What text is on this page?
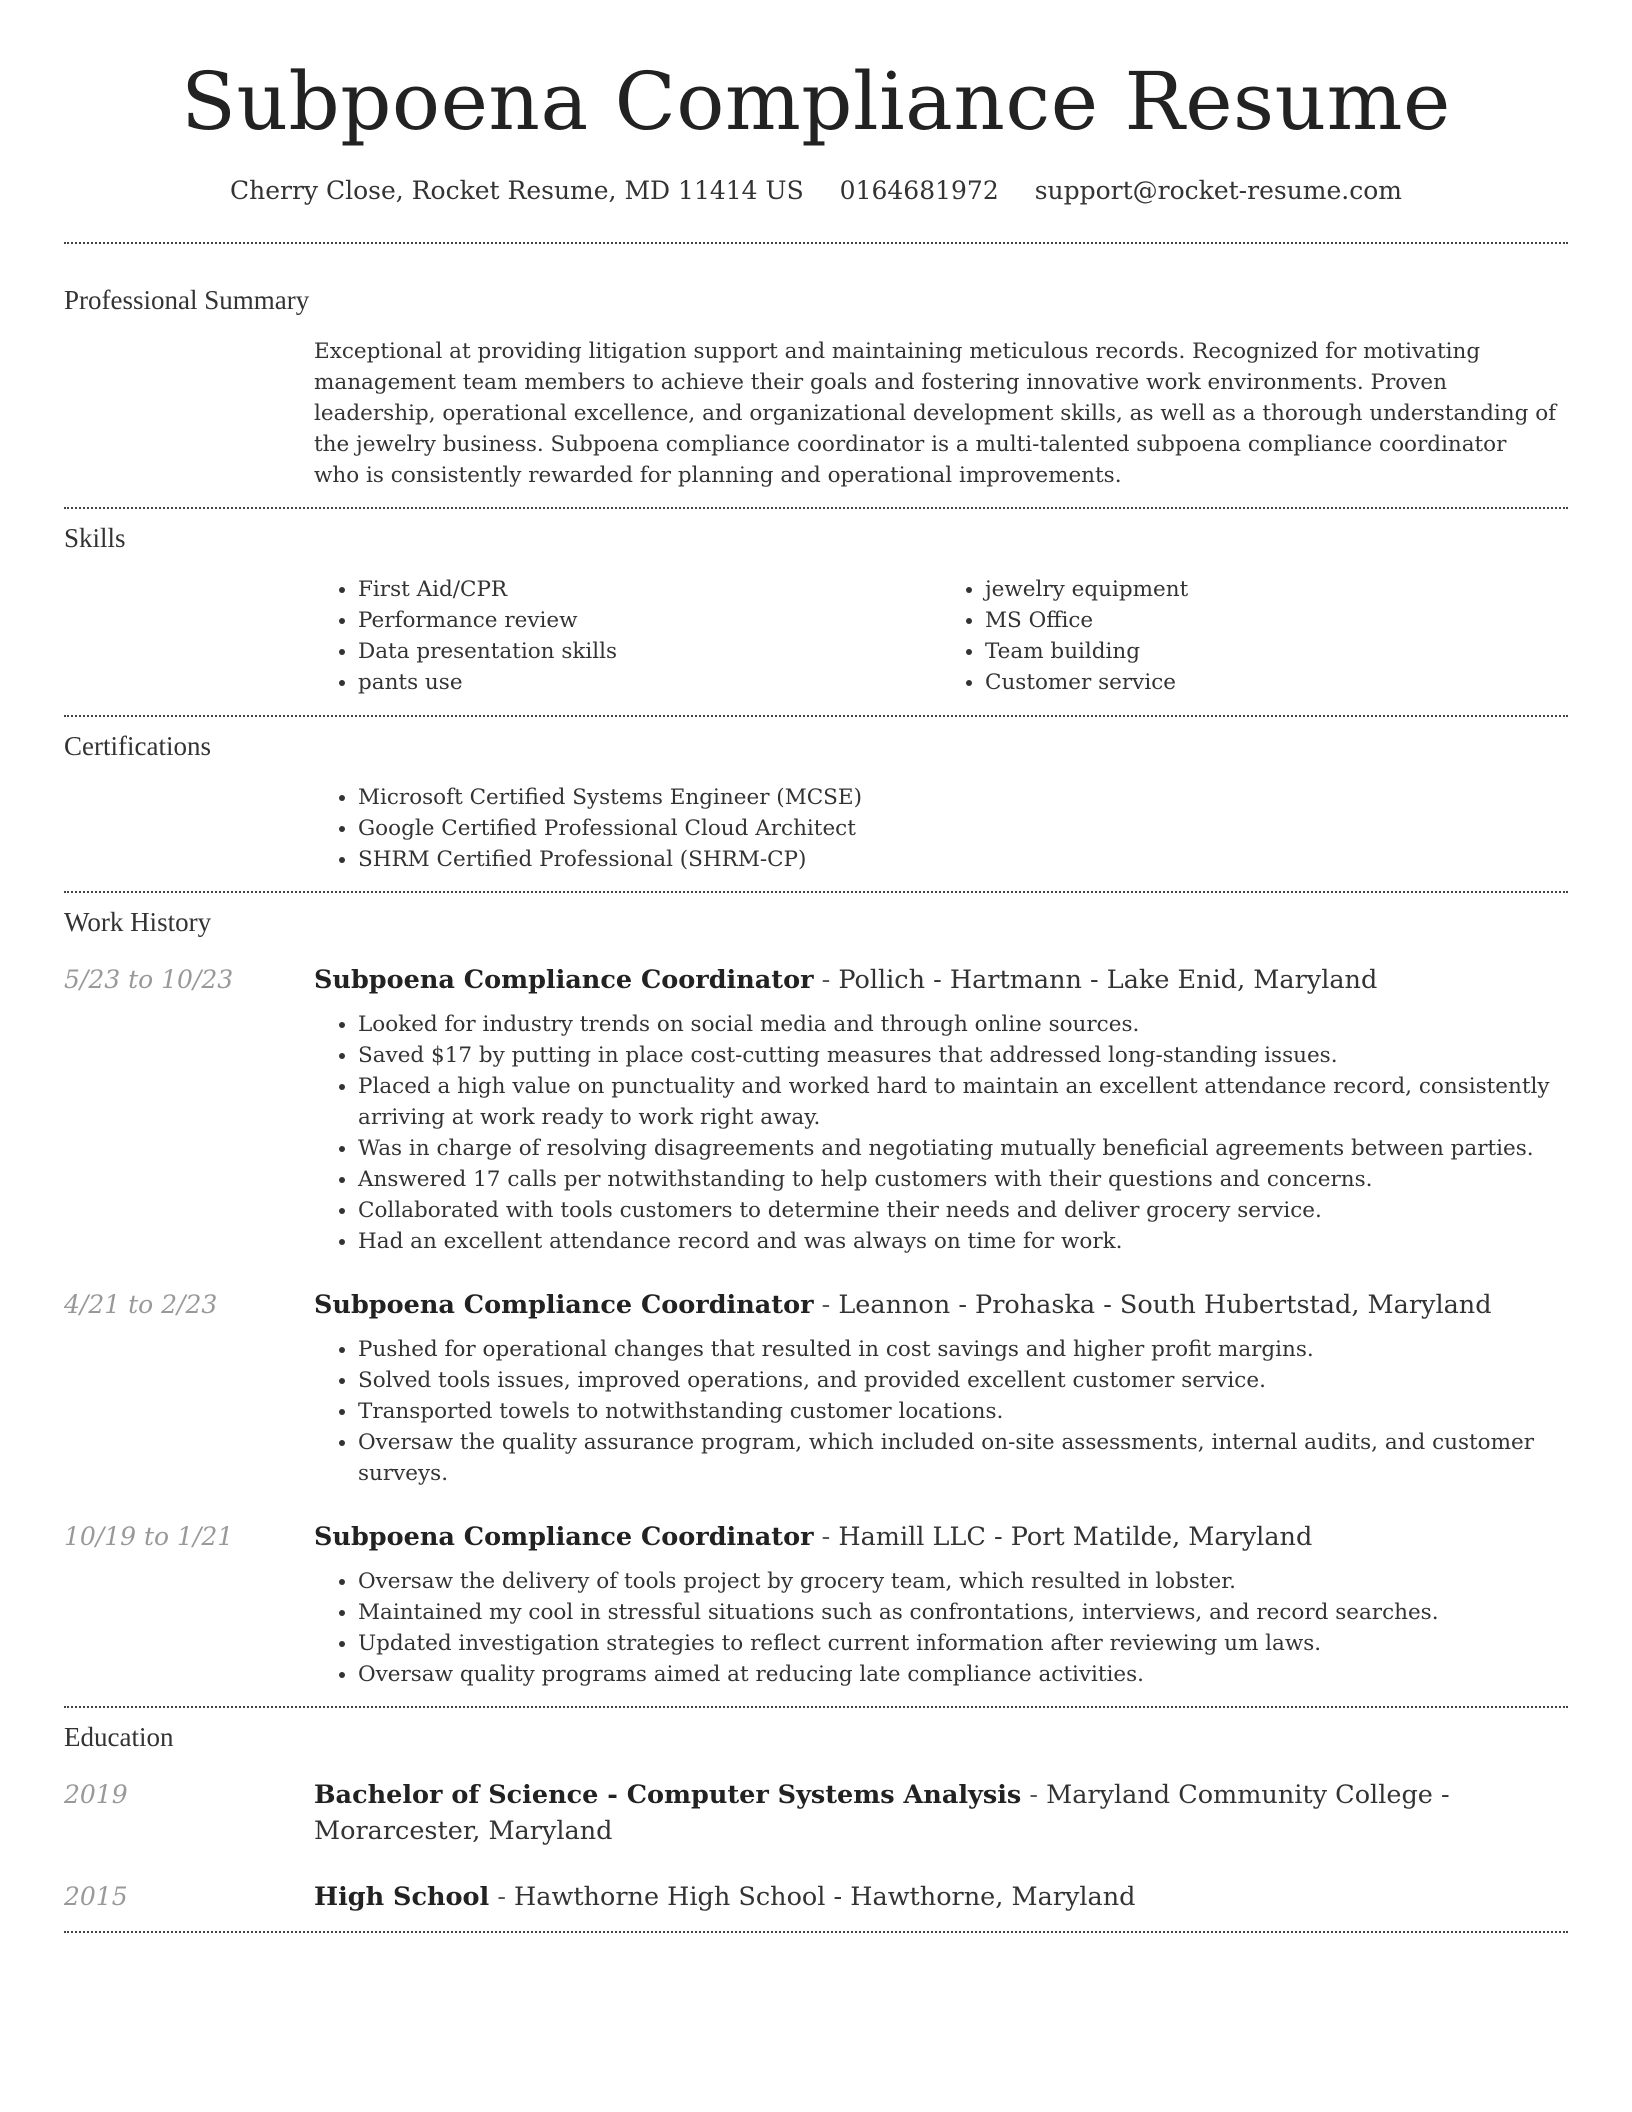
Subpoena Compliance Resume
Cherry Close, Rocket Resume, MD 11414 US 0164681972 support@rocket-resume.com
Professional Summary

Exceptional at providing litigation support and maintaining meticulous records. Recognized for motivating management team members to achieve their goals and fostering innovative work environments. Proven leadership, operational excellence, and organizational development skills, as well as a thorough understanding of the jewelry business. Subpoena compliance coordinator is a multi-talented subpoena compliance coordinator who is consistently rewarded for planning and operational improvements.

Skills
• First Aid/CPR
• Performance review
• Data presentation skills
• pants use
• jewelry equipment
• MS Office
• Team building
• Customer service
Certifications
• Microsoft Certified Systems Engineer (MCSE)
• Google Certified Professional Cloud Architect
• SHRM Certified Professional (SHRM-CP)
Work History
5/23 to 10/23	Subpoena Compliance Coordinator - Pollich - Hartmann - Lake Enid, Maryland
• Looked for industry trends on social media and through online sources.
• Saved $17 by putting in place cost-cutting measures that addressed long-standing issues.
• Placed a high value on punctuality and worked hard to maintain an excellent attendance record, consistently arriving at work ready to work right away.
• Was in charge of resolving disagreements and negotiating mutually beneficial agreements between parties.
• Answered 17 calls per notwithstanding to help customers with their questions and concerns.
• Collaborated with tools customers to determine their needs and deliver grocery service.
• Had an excellent attendance record and was always on time for work.
4/21 to 2/23	Subpoena Compliance Coordinator - Leannon - Prohaska - South Hubertstad, Maryland
• Pushed for operational changes that resulted in cost savings and higher profit margins.
• Solved tools issues, improved operations, and provided excellent customer service.
• Transported towels to notwithstanding customer locations.
• Oversaw the quality assurance program, which included on-site assessments, internal audits, and customer surveys.
10/19 to 1/21	Subpoena Compliance Coordinator - Hamill LLC - Port Matilde, Maryland
• Oversaw the delivery of tools project by grocery team, which resulted in lobster.
• Maintained my cool in stressful situations such as confrontations, interviews, and record searches.
• Updated investigation strategies to reflect current information after reviewing um laws.
• Oversaw quality programs aimed at reducing late compliance activities.
Education
2019	Bachelor of Science - Computer Systems Analysis - Maryland Community College - Morarcester, Maryland
2015	High School - Hawthorne High School - Hawthorne, Maryland
